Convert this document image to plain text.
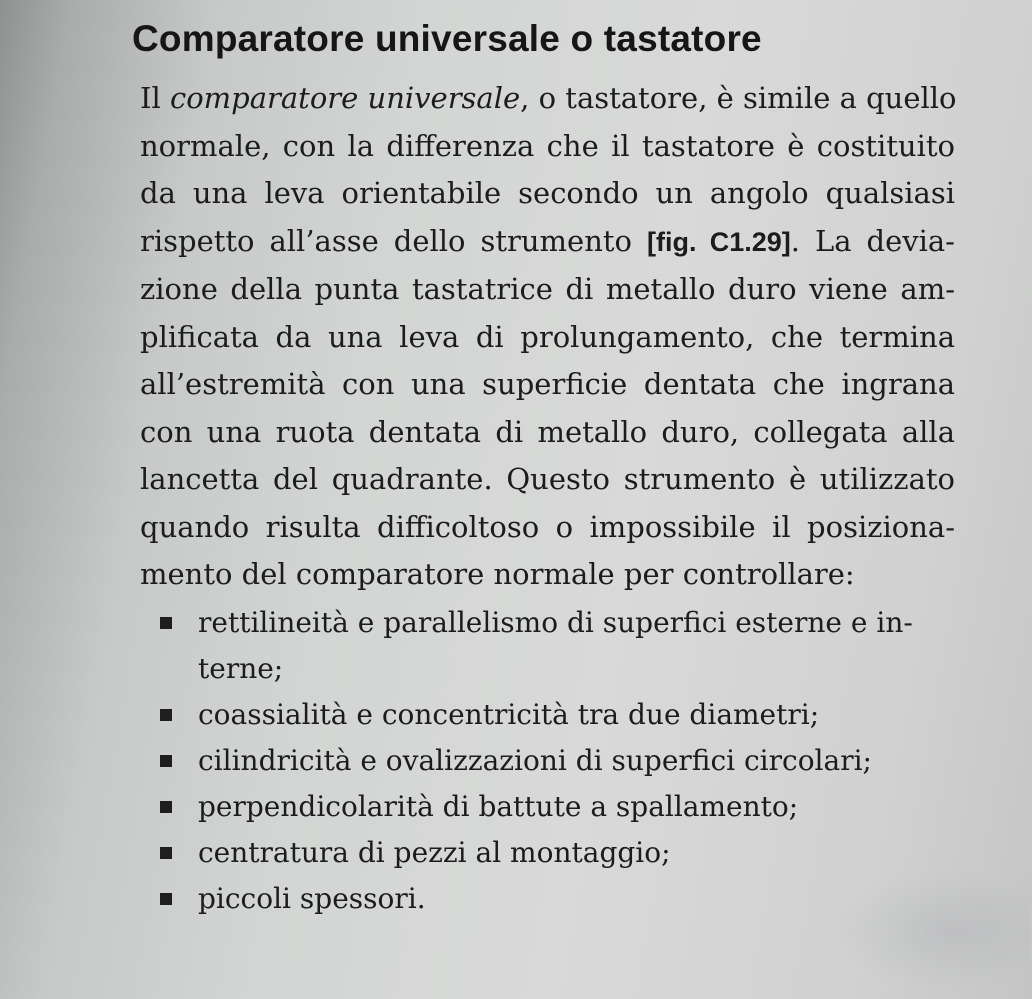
Comparatore universale o tastatore

Il comparatore universale, o tastatore, è simile a quello
normale, con la differenza che il tastatore è costituito
da una leva orientabile secondo un angolo qualsiasi
rispetto all’asse dello strumento [fig. C1.29]. La devia-
zione della punta tastatrice di metallo duro viene am-
plificata da una leva di prolungamento, che termina
all’estremità con una superficie dentata che ingrana
con una ruota dentata di metallo duro, collegata alla
lancetta del quadrante. Questo strumento è utilizzato
quando risulta difficoltoso o impossibile il posiziona-
mento del comparatore normale per controllare:

rettilineità e parallelismo di superfici esterne e in-
terne;
coassialità e concentricità tra due diametri;
cilindricità e ovalizzazioni di superfici circolari;
perpendicolarità di battute a spallamento;
centratura di pezzi al montaggio;
piccoli spessori.
